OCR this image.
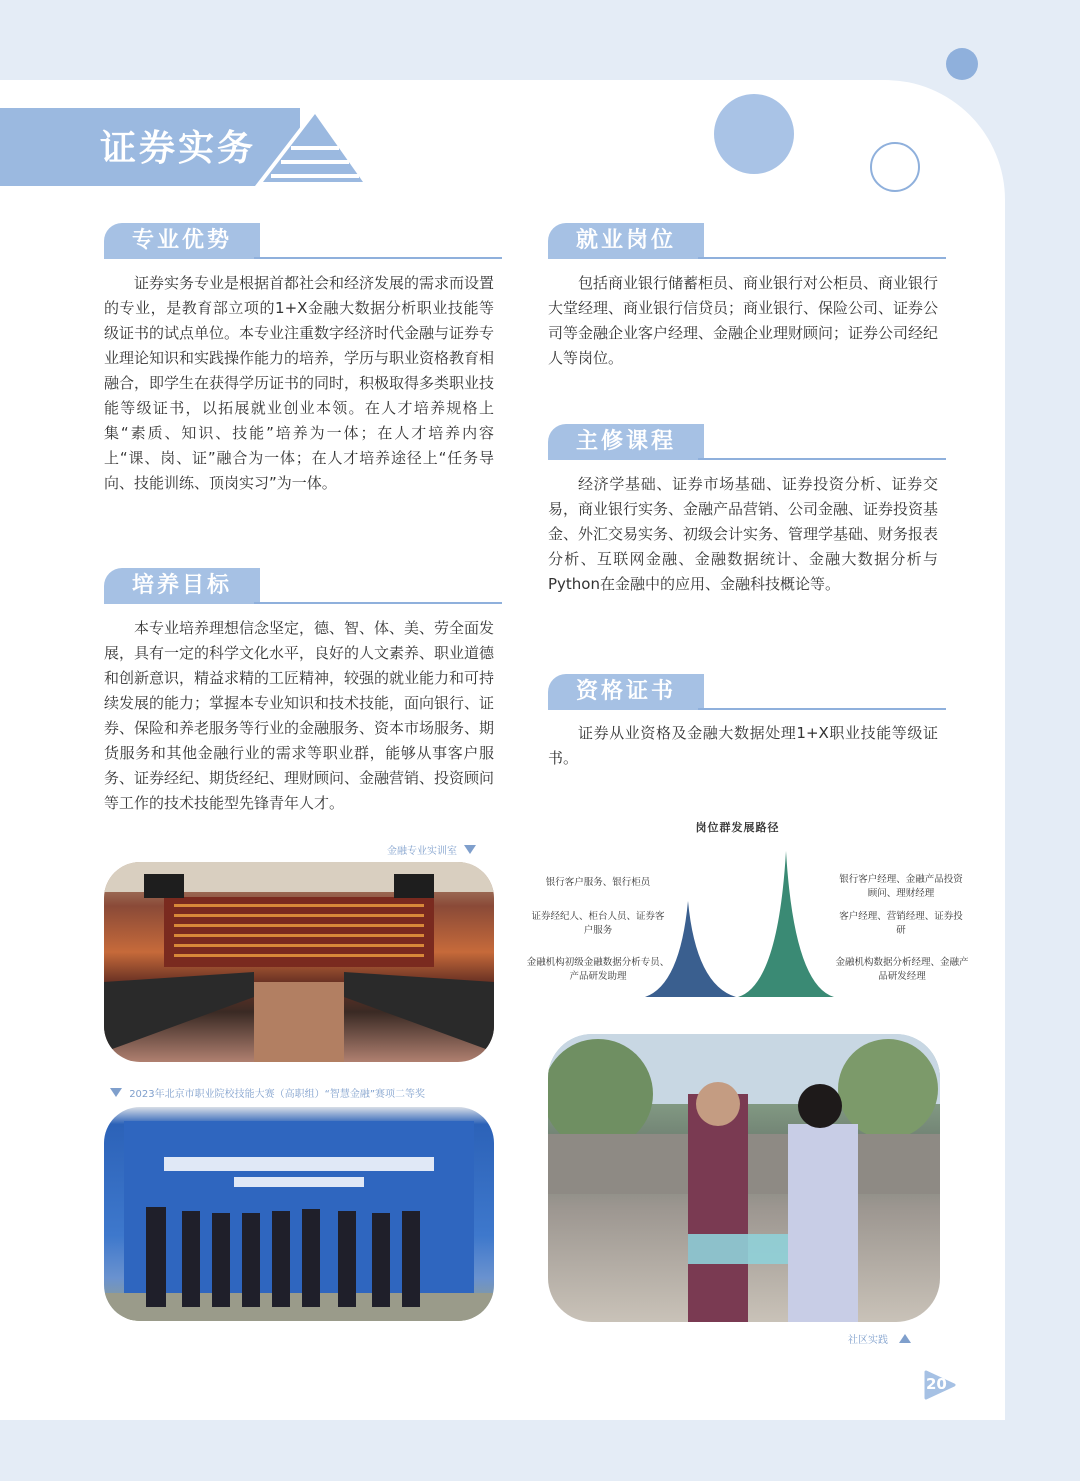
证券实务
专业优势

证券实务专业是根据首都社会和经济发展的需求而设置的专业，是教育部立项的1+X金融大数据分析职业技能等级证书的试点单位。本专业注重数字经济时代金融与证券专业理论知识和实践操作能力的培养，学历与职业资格教育相融合，即学生在获得学历证书的同时，积极取得多类职业技能等级证书，以拓展就业创业本领。在人才培养规格上集“素质、知识、技能”培养为一体；在人才培养内容上“课、岗、证”融合为一体；在人才培养途径上“任务导向、技能训练、顶岗实习”为一体。

培养目标

本专业培养理想信念坚定，德、智、体、美、劳全面发展，具有一定的科学文化水平，良好的人文素养、职业道德和创新意识，精益求精的工匠精神，较强的就业能力和可持续发展的能力；掌握本专业知识和技术技能，面向银行、证券、保险和养老服务等行业的金融服务、资本市场服务、期货服务和其他金融行业的需求等职业群，能够从事客户服务、证券经纪、期货经纪、理财顾问、金融营销、投资顾问等工作的技术技能型先锋青年人才。

就业岗位

包括商业银行储蓄柜员、商业银行对公柜员、商业银行大堂经理、商业银行信贷员；商业银行、保险公司、证券公司等金融企业客户经理、金融企业理财顾问；证券公司经纪人等岗位。

主修课程

经济学基础、证券市场基础、证券投资分析、证券交易，商业银行实务、金融产品营销、公司金融、证券投资基金、外汇交易实务、初级会计实务、管理学基础、财务报表分析、互联网金融、金融数据统计、金融大数据分析与Python在金融中的应用、金融科技概论等。

资格证书

证券从业资格及金融大数据处理1+X职业技能等级证书。

金融专业实训室
2023年北京市职业院校技能大赛（高职组）“智慧金融”赛项二等奖
岗位群发展路径
银行客户服务、银行柜员
证券经纪人、柜台人员、证券客户服务
金融机构初级金融数据分析专员、产品研发助理
银行客户经理、金融产品投资顾问、理财经理
客户经理、营销经理、证券投研
金融机构数据分析经理、金融产品研发经理
社区实践
20
